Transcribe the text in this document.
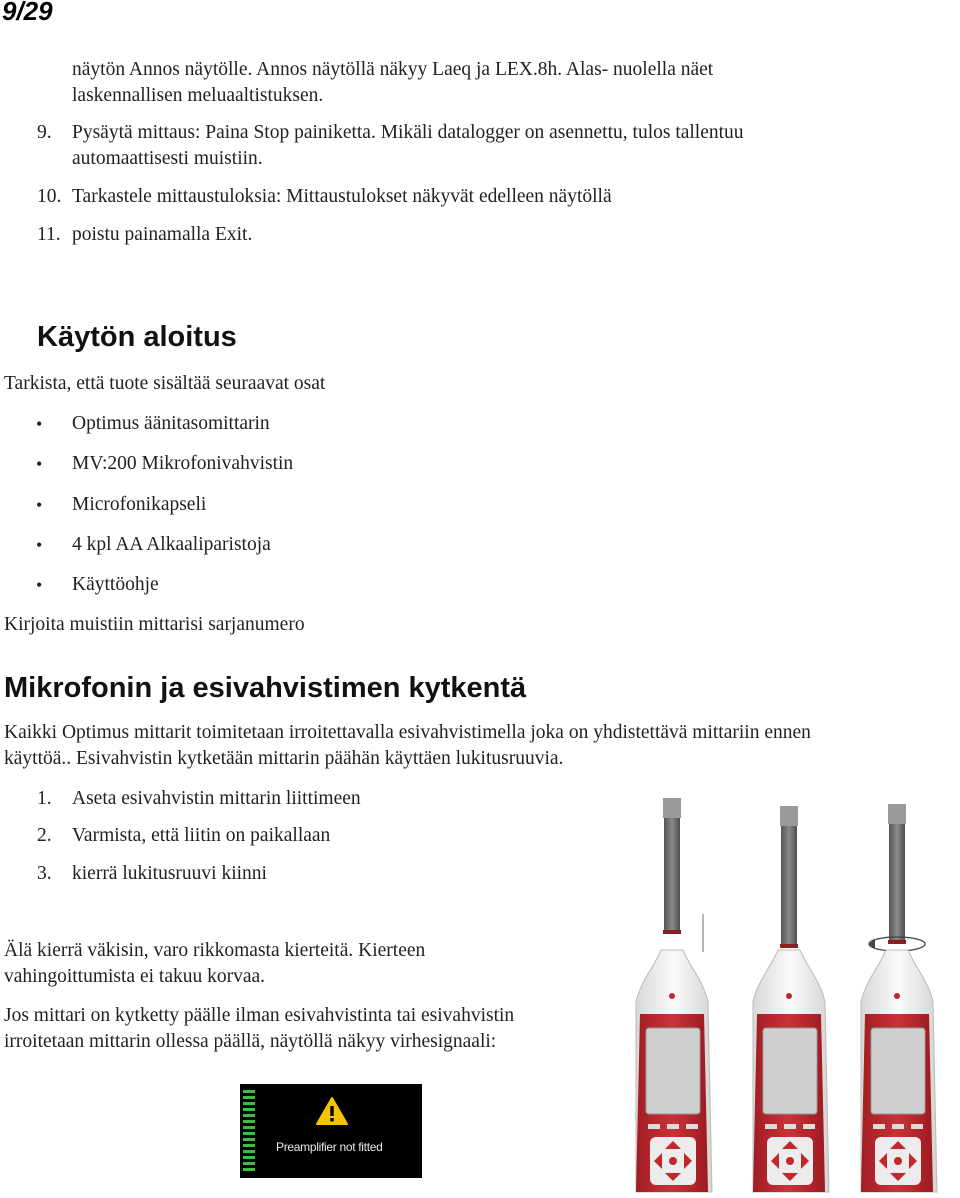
9/29
näytön Annos näytölle. Annos näytöllä näkyy Laeq ja LEX.8h. Alas- nuolella näet
laskennallisen meluaaltistuksen.
9.	Pysäytä mittaus: Paina Stop painiketta. Mikäli datalogger on asennettu, tulos tallentuu
automaattisesti muistiin.
10. Tarkastele mittaustuloksia: Mittaustulokset näkyvät edelleen näytöllä
11. poistu painamalla Exit.
Käytön aloitus
Tarkista, että tuote sisältää seuraavat osat
• Optimus äänitasomittarin
• MV:200 Mikrofonivahvistin
• Microfonikapseli
• 4 kpl AA Alkaaliparistoja
• Käyttöohje
Kirjoita muistiin mittarisi sarjanumero
Mikrofonin ja esivahvistimen kytkentä
Kaikki Optimus mittarit toimitetaan irroitettavalla esivahvistimella joka on yhdistettävä mittariin ennen
käyttöä.. Esivahvistin kytketään mittarin päähän käyttäen lukitusruuvia.
1.	Aseta esivahvistin mittarin liittimeen
2.	Varmista, että liitin on paikallaan
3.	kierrä lukitusruuvi kiinni
Älä kierrä väkisin, varo rikkomasta kierteitä. Kierteen
vahingoittumista ei takuu korvaa.
Jos mittari on kytketty päälle ilman esivahvistinta tai esivahvistin
irroitetaan mittarin ollessa päällä, näytöllä näkyy virhesignaali:
Preamplifier not fitted
